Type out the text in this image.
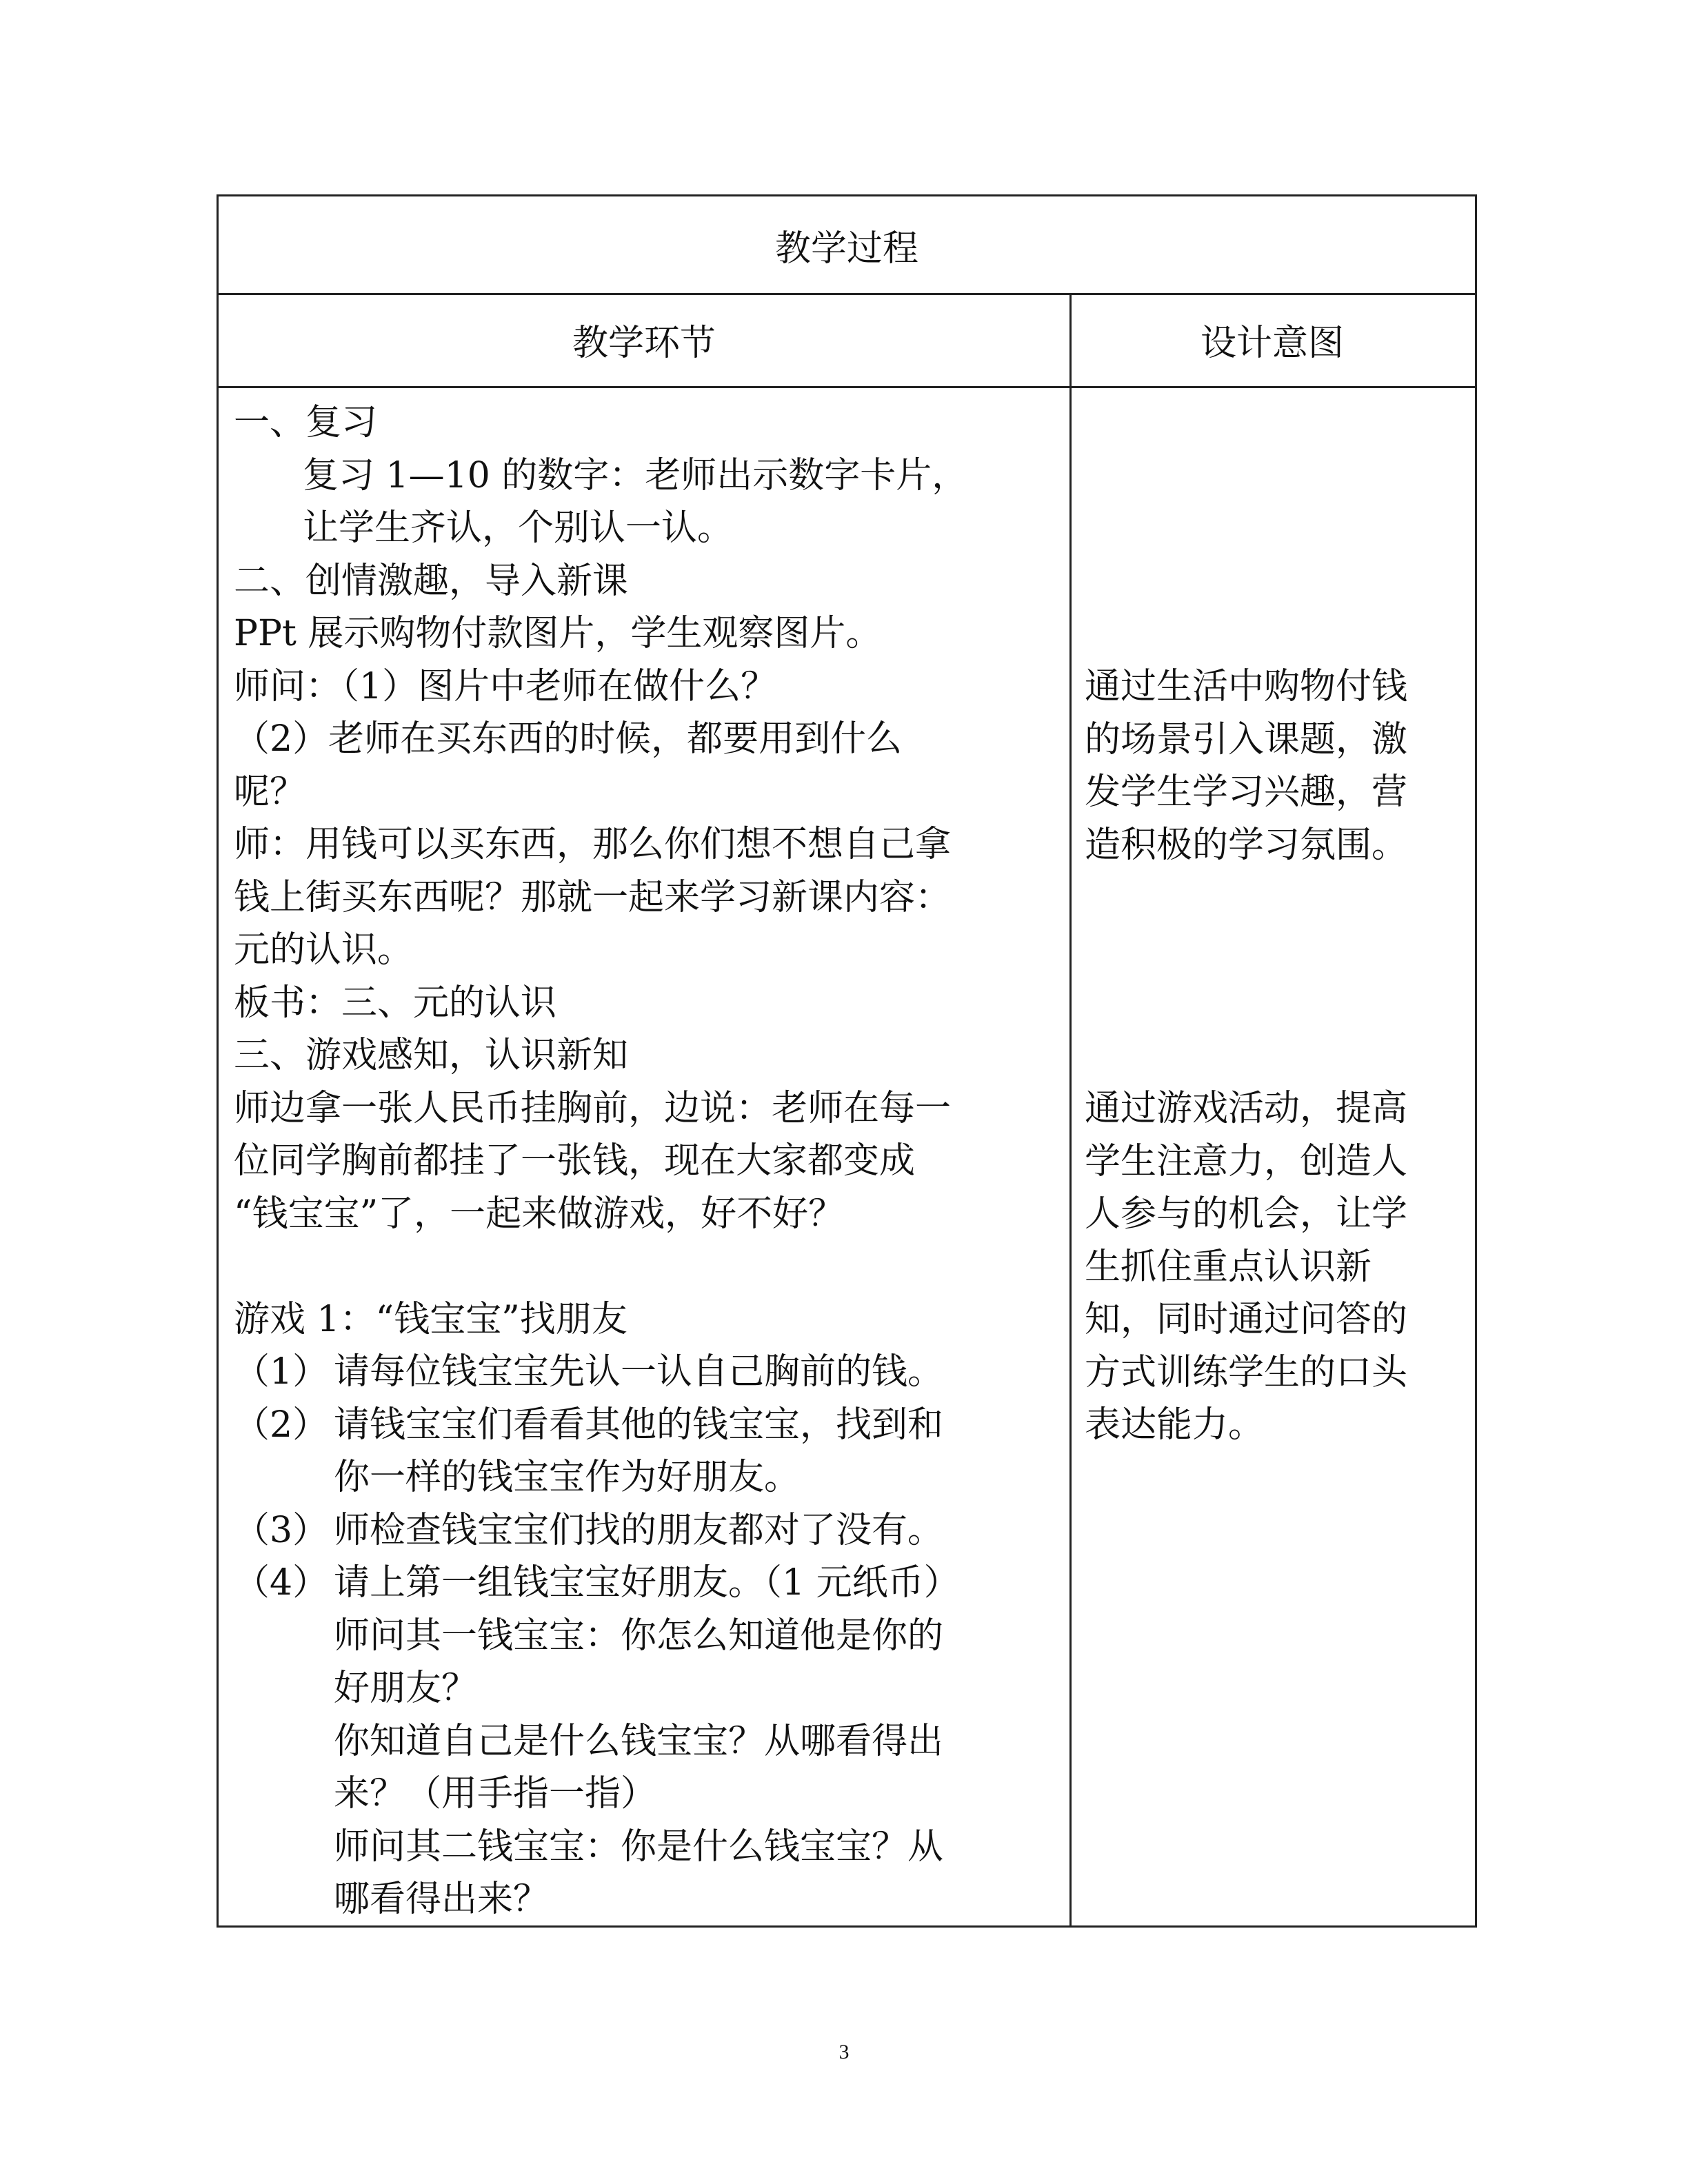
教学过程
教学环节	设计意图
一、复习
复习 1—10 的数字：老师出示数字卡片，
让学生齐认，个别认一认。
二、创情激趣，导入新课
PPt 展示购物付款图片，学生观察图片。
师问：（1）图片中老师在做什么？
（2）老师在买东西的时候，都要用到什么
呢？
师：用钱可以买东西，那么你们想不想自己拿
钱上街买东西呢？那就一起来学习新课内容：
元的认识。
板书：三、元的认识
三、游戏感知，认识新知
师边拿一张人民币挂胸前，边说：老师在每一
位同学胸前都挂了一张钱，现在大家都变成
“钱宝宝”了，一起来做游戏，好不好？
游戏 1：“钱宝宝”找朋友
（1） 请每位钱宝宝先认一认自己胸前的钱。
（2） 请钱宝宝们看看其他的钱宝宝，找到和
你一样的钱宝宝作为好朋友。
（3） 师检查钱宝宝们找的朋友都对了没有。
（4） 请上第一组钱宝宝好朋友。（1 元纸币）
师问其一钱宝宝：你怎么知道他是你的
好朋友？
你知道自己是什么钱宝宝？从哪看得出
来？（用手指一指）
师问其二钱宝宝：你是什么钱宝宝？从
哪看得出来？
通过生活中购物付钱
的场景引入课题，激
发学生学习兴趣，营
造积极的学习氛围。
通过游戏活动，提高
学生注意力，创造人
人参与的机会，让学
生抓住重点认识新
知，同时通过问答的
方式训练学生的口头
表达能力。
3
